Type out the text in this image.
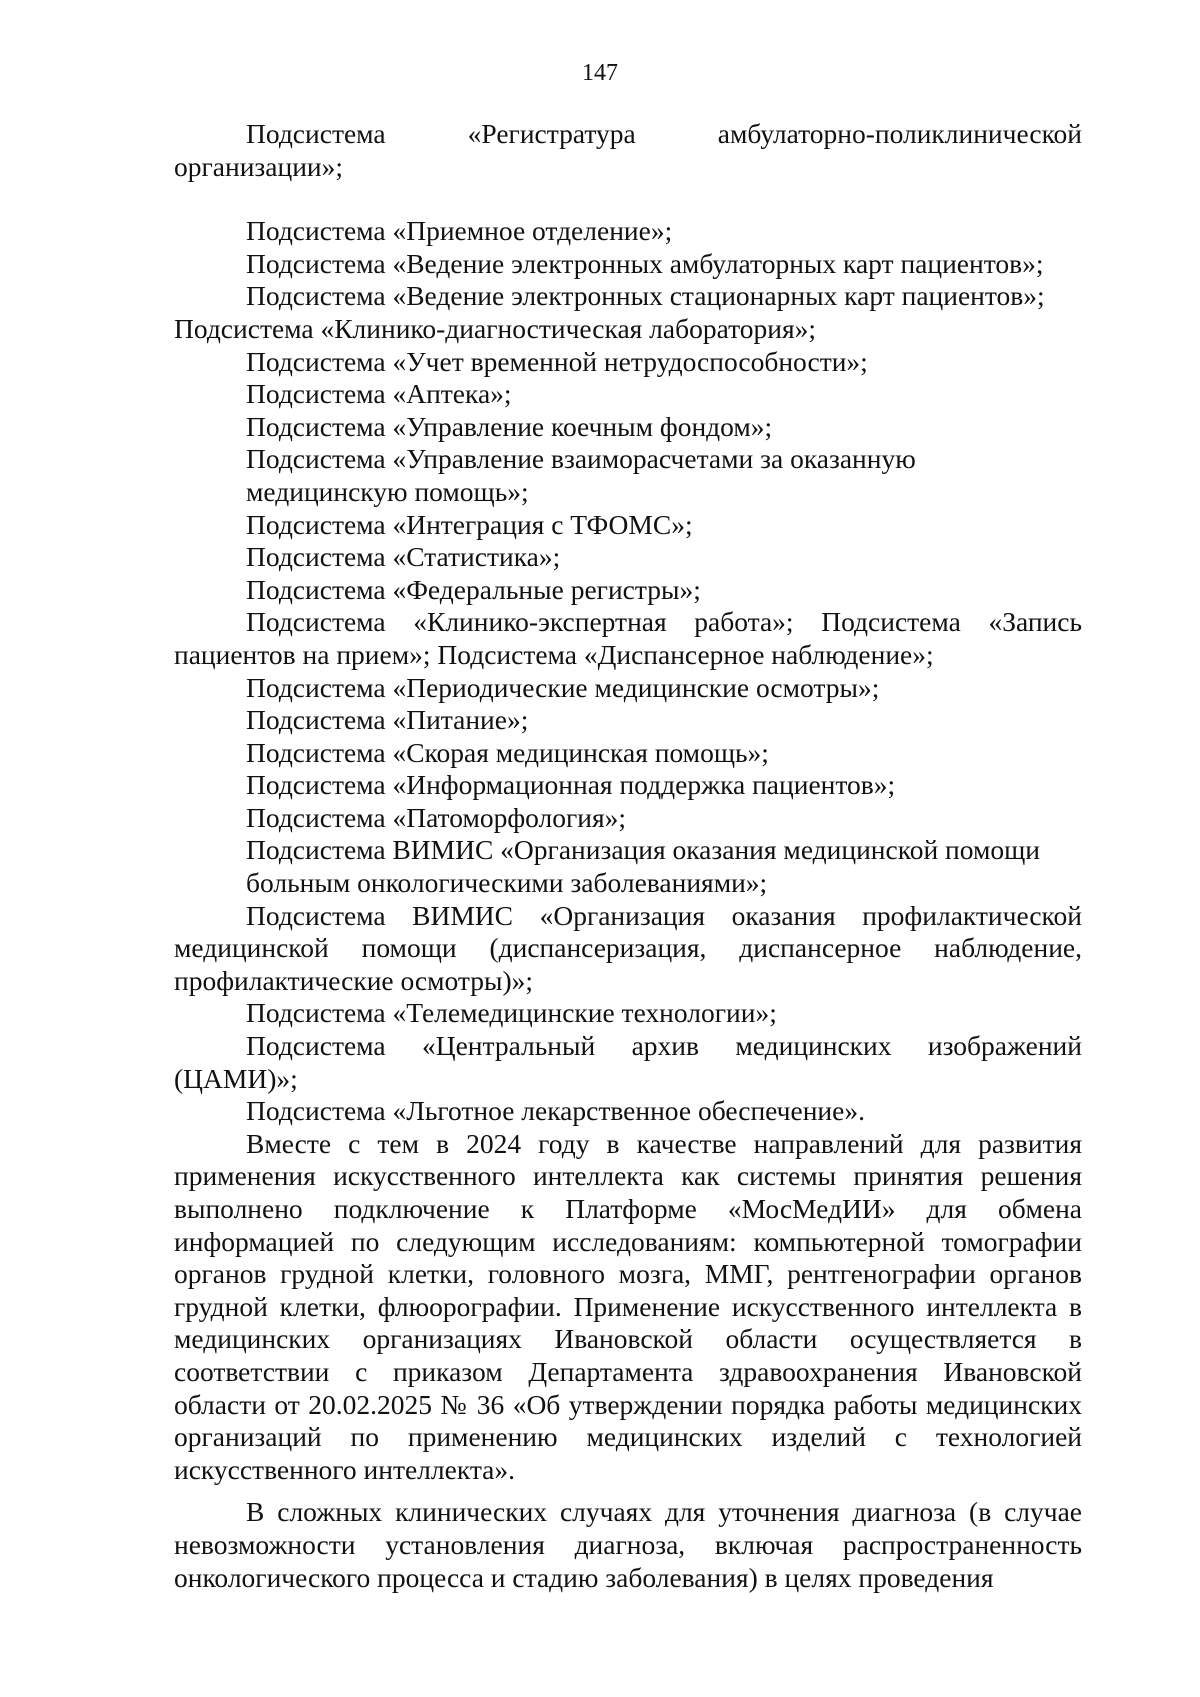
147

Подсистема «Регистратура амбулаторно-поликлинической организации»;

Подсистема «Приемное отделение»;

Подсистема «Ведение электронных амбулаторных карт пациентов»;

Подсистема «Ведение электронных стационарных карт пациентов»;

Подсистема «Клинико-диагностическая лаборатория»;

Подсистема «Учет временной нетрудоспособности»;

Подсистема «Аптека»;

Подсистема «Управление коечным фондом»;

Подсистема «Управление взаиморасчетами за оказанную

медицинскую помощь»;

Подсистема «Интеграция с ТФОМС»;

Подсистема «Статистика»;

Подсистема «Федеральные регистры»;

Подсистема «Клинико-экспертная работа»; Подсистема «Запись пациентов на прием»; Подсистема «Диспансерное наблюдение»;

Подсистема «Периодические медицинские осмотры»;

Подсистема «Питание»;

Подсистема «Скорая медицинская помощь»;

Подсистема «Информационная поддержка пациентов»;

Подсистема «Патоморфология»;

Подсистема ВИМИС «Организация оказания медицинской помощи

больным онкологическими заболеваниями»;

Подсистема ВИМИС «Организация оказания профилактической медицинской помощи (диспансеризация, диспансерное наблюдение, профилактические осмотры)»;

Подсистема «Телемедицинские технологии»;

Подсистема «Центральный архив медицинских изображений (ЦАМИ)»;

Подсистема «Льготное лекарственное обеспечение».

Вместе с тем в 2024 году в качестве направлений для развития применения искусственного интеллекта как системы принятия решения выполнено подключение к Платформе «МосМедИИ» для обмена информацией по следующим исследованиям: компьютерной томографии органов грудной клетки, головного мозга, ММГ, рентгенографии органов грудной клетки, флюорографии. Применение искусственного интеллекта в медицинских организациях Ивановской области осуществляется в соответствии с приказом Департамента здравоохранения Ивановской области от 20.02.2025 № 36 «Об утверждении порядка работы медицинских организаций по применению медицинских изделий с технологией искусственного интеллекта».

В сложных клинических случаях для уточнения диагноза (в случае невозможности установления диагноза, включая распространенность онкологического процесса и стадию заболевания) в целях проведения
